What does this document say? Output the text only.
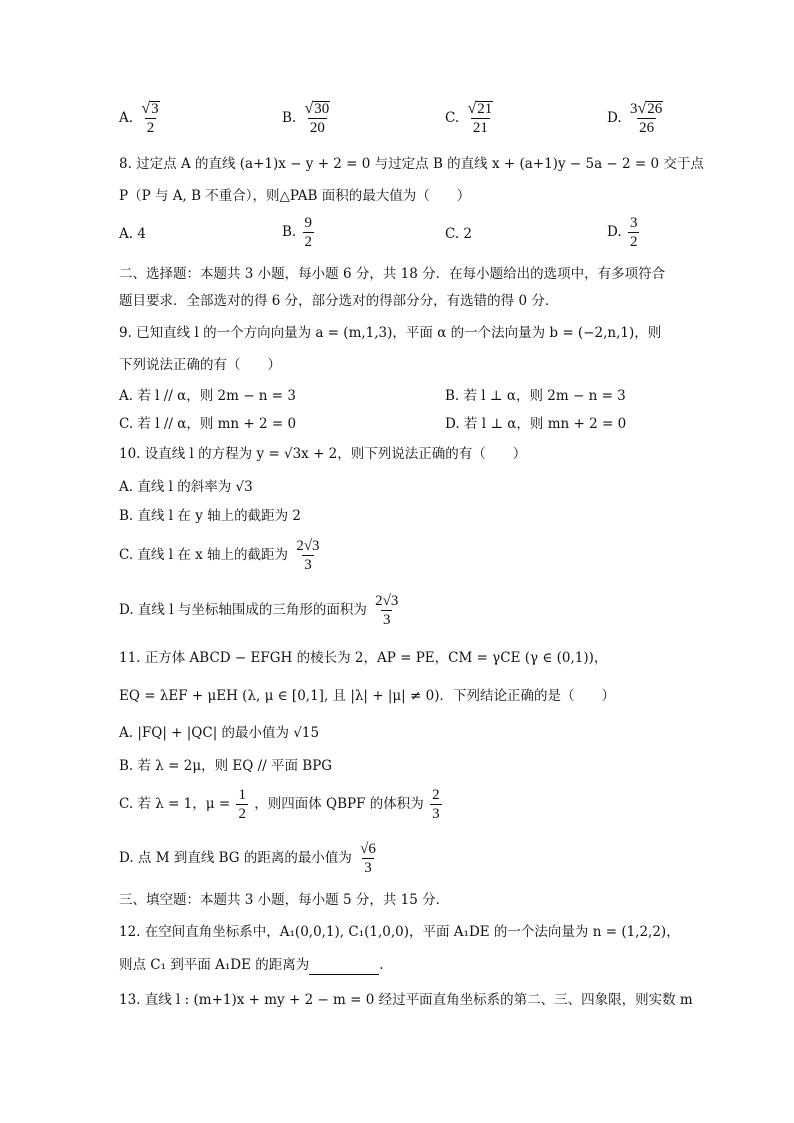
A. $\frac{√ 3}{2}$	B. $\frac{√ 30}{20}$	C. $\frac{√ 21}{21}$	D. $\frac{3 √ 26}{26}$
8. 过定点 A 的直线 (a+1)x − y + 2 = 0 与过定点 B 的直线 x + (a+1)y − 5a − 2 = 0 交于点
P（P 与 A, B 不重合），则△PAB 面积的最大值为（　　）
A. 4	B. $\frac{9}{2}$	C. 2	D. $\frac{3}{2}$
二、选择题：本题共 3 小题，每小题 6 分，共 18 分．在每小题给出的选项中，有多项符合
题目要求．全部选对的得 6 分，部分选对的得部分分，有选错的得 0 分．
9. 已知直线 l 的一个方向向量为 a = (m,1,3)，平面 α 的一个法向量为 b = (−2,n,1)，则
下列说法正确的有（　　）
A. 若 l // α，则 2m − n = 3	B. 若 l ⊥ α，则 2m − n = 3
C. 若 l // α，则 mn + 2 = 0	D. 若 l ⊥ α，则 mn + 2 = 0
10. 设直线 l 的方程为 y = √3x + 2，则下列说法正确的有（　　）
A. 直线 l 的斜率为 √3
B. 直线 l 在 y 轴上的截距为 2
C. 直线 l 在 x 轴上的截距为 $\frac{2√3}{3}$
D. 直线 l 与坐标轴围成的三角形的面积为 $\frac{2√3}{3}$
11. 正方体 ABCD − EFGH 的棱长为 2，AP = PE，CM = γCE (γ ∈ (0,1))，
EQ = λEF + μEH (λ, μ ∈ [0,1], 且 |λ| + |μ| ≠ 0)．下列结论正确的是（　　）
A. |FQ| + |QC| 的最小值为 √15
B. 若 λ = 2μ，则 EQ // 平面 BPG
C. 若 λ = 1，$\mu = \frac{1}{2}$ ，则四面体 QBPF 的体积为 $\frac{2}{3}$
D. 点 M 到直线 BG 的距离的最小值为 $\frac{√6}{3}$
三、填空题：本题共 3 小题，每小题 5 分，共 15 分．
12. 在空间直角坐标系中，A₁(0,0,1), C₁(1,0,0)，平面 A₁DE 的一个法向量为 n = (1,2,2)，
则点 C₁ 到平面 A₁DE 的距离为	.
13. 直线 l : (m+1)x + my + 2 − m = 0 经过平面直角坐标系的第二、三、四象限，则实数 m
